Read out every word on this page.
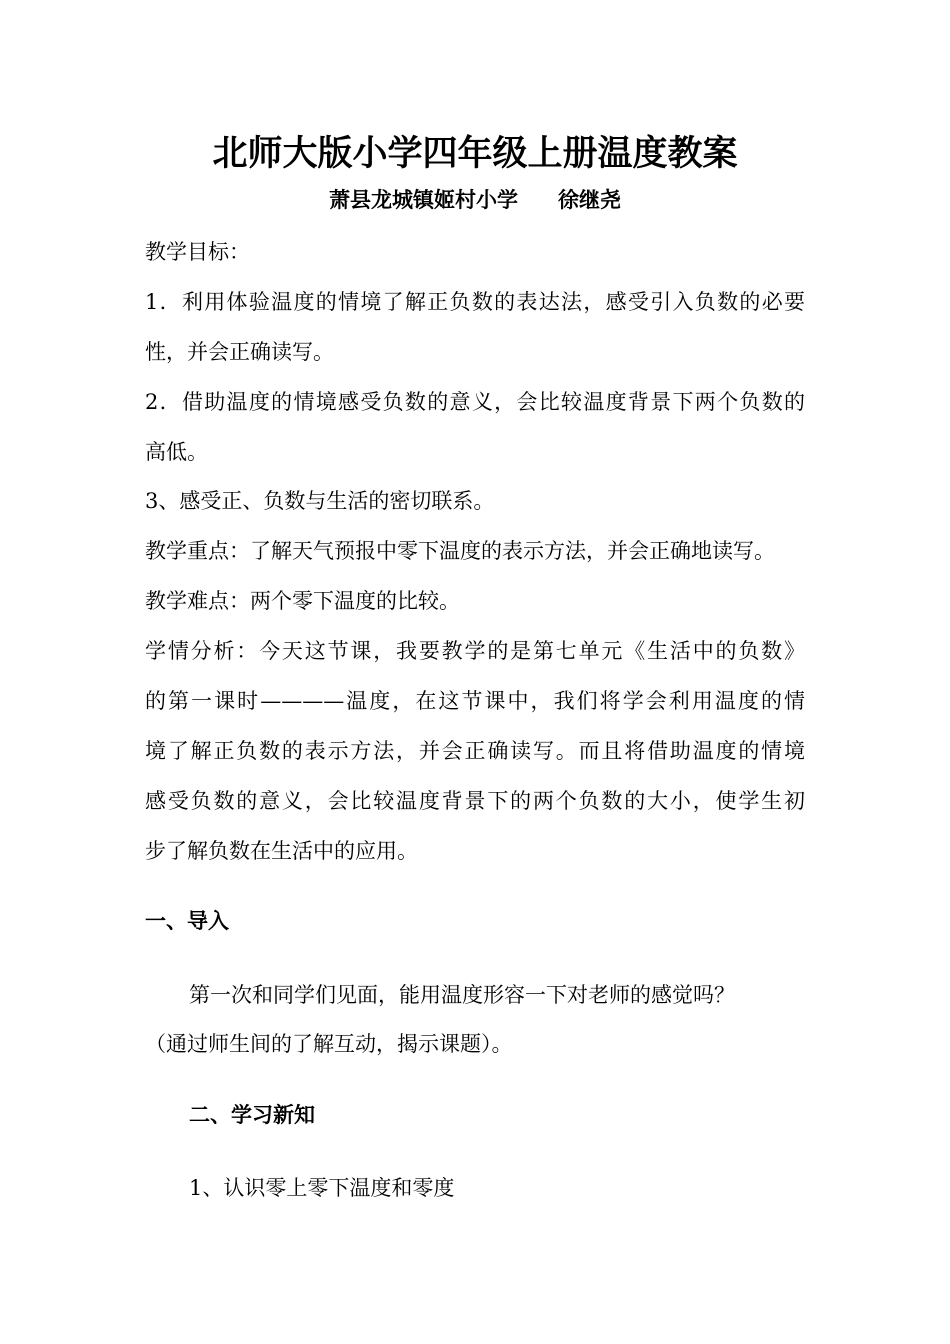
北师大版小学四年级上册温度教案
萧县龙城镇姬村小学 徐继尧

教学目标：

1．利用体验温度的情境了解正负数的表达法，感受引入负数的必要

性，并会正确读写。

2．借助温度的情境感受负数的意义，会比较温度背景下两个负数的

高低。

3、感受正、负数与生活的密切联系。

教学重点：了解天气预报中零下温度的表示方法，并会正确地读写。

教学难点：两个零下温度的比较。

学情分析：今天这节课，我要教学的是第七单元《生活中的负数》

的第一课时————温度，在这节课中，我们将学会利用温度的情

境了解正负数的表示方法，并会正确读写。而且将借助温度的情境

感受负数的意义，会比较温度背景下的两个负数的大小，使学生初

步了解负数在生活中的应用。

一、导入

第一次和同学们见面，能用温度形容一下对老师的感觉吗？

（通过师生间的了解互动，揭示课题）。

二、学习新知

1、认识零上零下温度和零度
